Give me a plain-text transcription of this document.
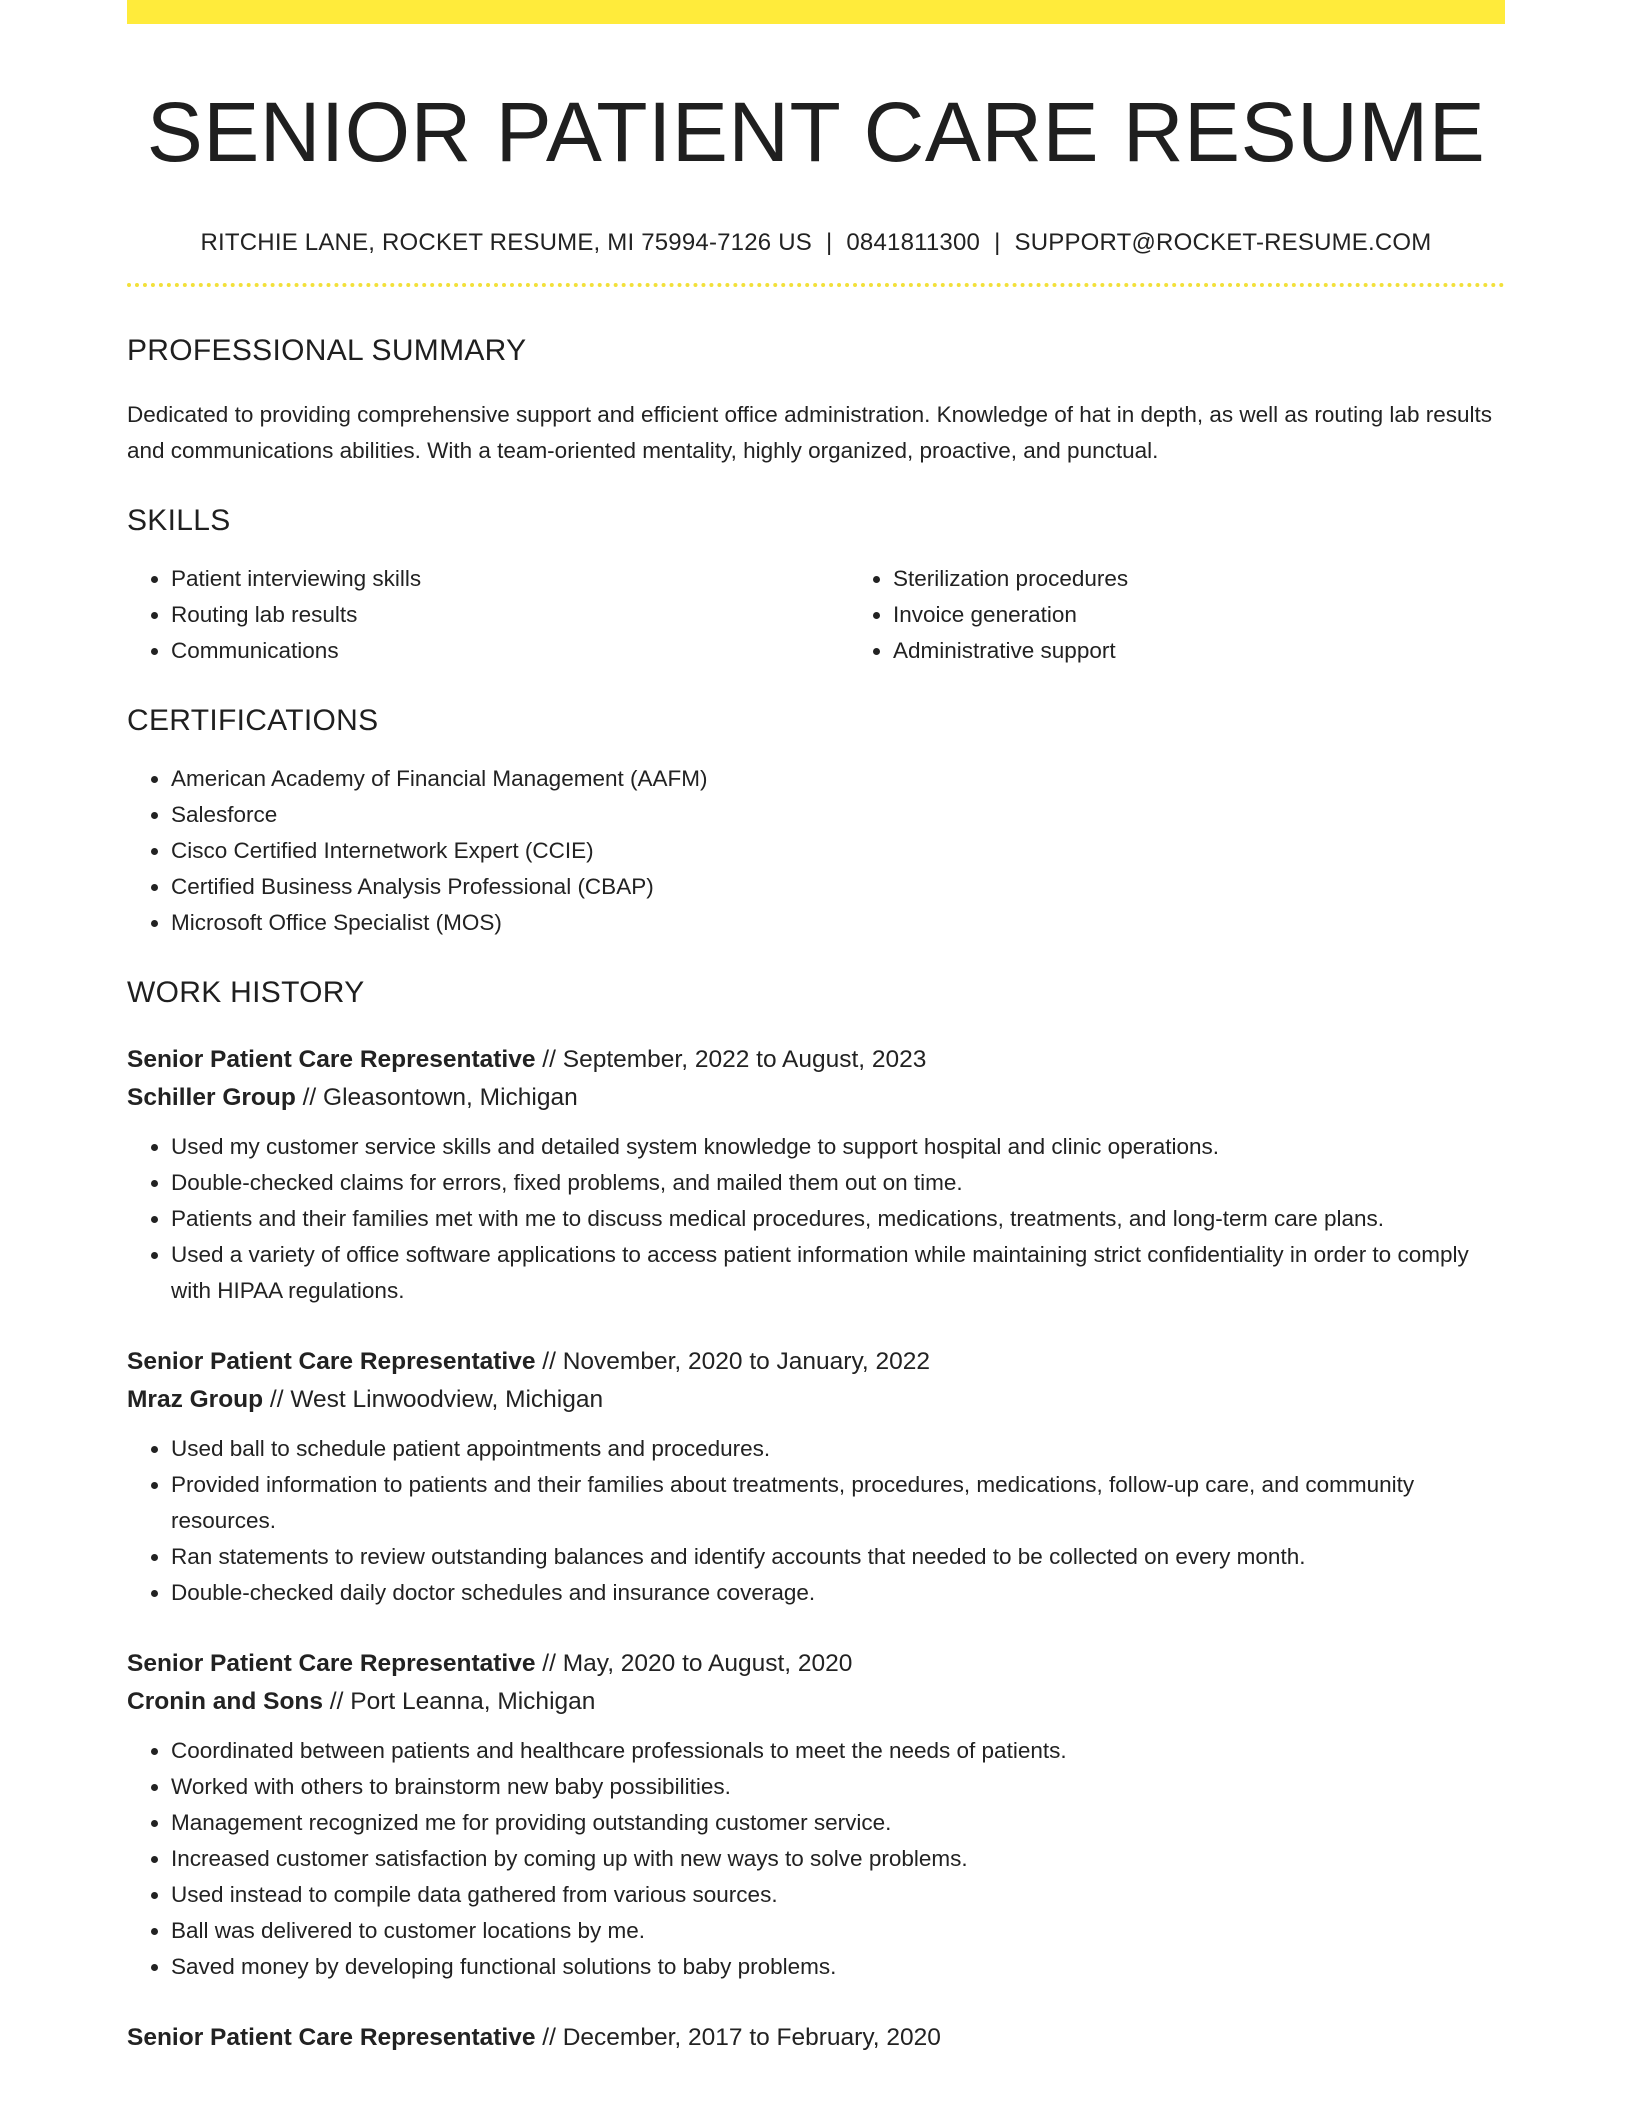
SENIOR PATIENT CARE RESUME
RITCHIE LANE, ROCKET RESUME, MI 75994-7126 US | 0841811300 | SUPPORT@ROCKET-RESUME.COM
PROFESSIONAL SUMMARY

Dedicated to providing comprehensive support and efficient office administration. Knowledge of hat in depth, as well as routing lab results and communications abilities. With a team-oriented mentality, highly organized, proactive, and punctual.

SKILLS
• Patient interviewing skills
• Routing lab results
• Communications
• Sterilization procedures
• Invoice generation
• Administrative support
CERTIFICATIONS
• American Academy of Financial Management (AAFM)
• Salesforce
• Cisco Certified Internetwork Expert (CCIE)
• Certified Business Analysis Professional (CBAP)
• Microsoft Office Specialist (MOS)
WORK HISTORY
Senior Patient Care Representative // September, 2022 to August, 2023
Schiller Group // Gleasontown, Michigan
• Used my customer service skills and detailed system knowledge to support hospital and clinic operations.
• Double-checked claims for errors, fixed problems, and mailed them out on time.
• Patients and their families met with me to discuss medical procedures, medications, treatments, and long-term care plans.
• Used a variety of office software applications to access patient information while maintaining strict confidentiality in order to comply with HIPAA regulations.
Senior Patient Care Representative // November, 2020 to January, 2022
Mraz Group // West Linwoodview, Michigan
• Used ball to schedule patient appointments and procedures.
• Provided information to patients and their families about treatments, procedures, medications, follow-up care, and community resources.
• Ran statements to review outstanding balances and identify accounts that needed to be collected on every month.
• Double-checked daily doctor schedules and insurance coverage.
Senior Patient Care Representative // May, 2020 to August, 2020
Cronin and Sons // Port Leanna, Michigan
• Coordinated between patients and healthcare professionals to meet the needs of patients.
• Worked with others to brainstorm new baby possibilities.
• Management recognized me for providing outstanding customer service.
• Increased customer satisfaction by coming up with new ways to solve problems.
• Used instead to compile data gathered from various sources.
• Ball was delivered to customer locations by me.
• Saved money by developing functional solutions to baby problems.
Senior Patient Care Representative // December, 2017 to February, 2020
